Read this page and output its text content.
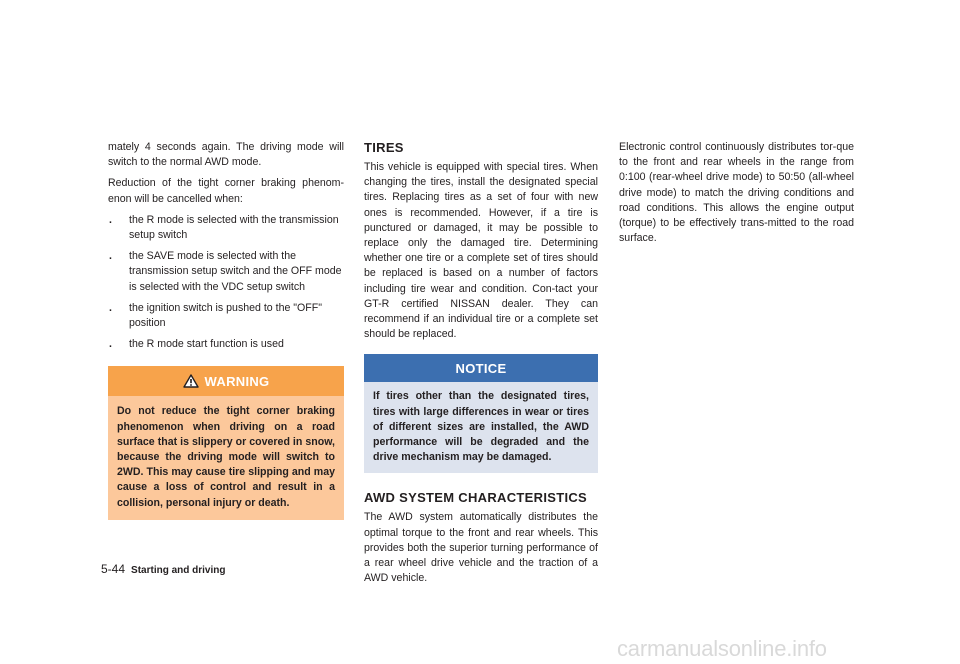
mately 4 seconds again. The driving mode will switch to the normal AWD mode.

Reduction of the tight corner braking phenom-enon will be cancelled when:

. the R mode is selected with the transmission setup switch
. the SAVE mode is selected with the transmission setup switch and the OFF mode is selected with the VDC setup switch
. the ignition switch is pushed to the "OFF" position
. the R mode start function is used
WARNING
Do not reduce the tight corner braking phenomenon when driving on a road surface that is slippery or covered in snow, because the driving mode will switch to 2WD. This may cause tire slipping and may cause a loss of control and result in a collision, personal injury or death.
TIRES

This vehicle is equipped with special tires. When changing the tires, install the designated special tires. Replacing tires as a set of four with new ones is recommended. However, if a tire is punctured or damaged, it may be possible to replace only the damaged tire. Determining whether one tire or a complete set of tires should be replaced is based on a number of factors including tire wear and condition. Con-tact your GT-R certified NISSAN dealer. They can recommend if an individual tire or a complete set should be replaced.

NOTICE
If tires other than the designated tires, tires with large differences in wear or tires of different sizes are installed, the AWD performance will be degraded and the drive mechanism may be damaged.
AWD SYSTEM CHARACTERISTICS

The AWD system automatically distributes the optimal torque to the front and rear wheels. This provides both the superior turning performance of a rear wheel drive vehicle and the traction of a AWD vehicle.

Electronic control continuously distributes tor-que to the front and rear wheels in the range from 0:100 (rear-wheel drive mode) to 50:50 (all-wheel drive mode) to match the driving conditions and road conditions. This allows the engine output (torque) to be effectively trans-mitted to the road surface.

5-44 Starting and driving
carmanualsonline.info
